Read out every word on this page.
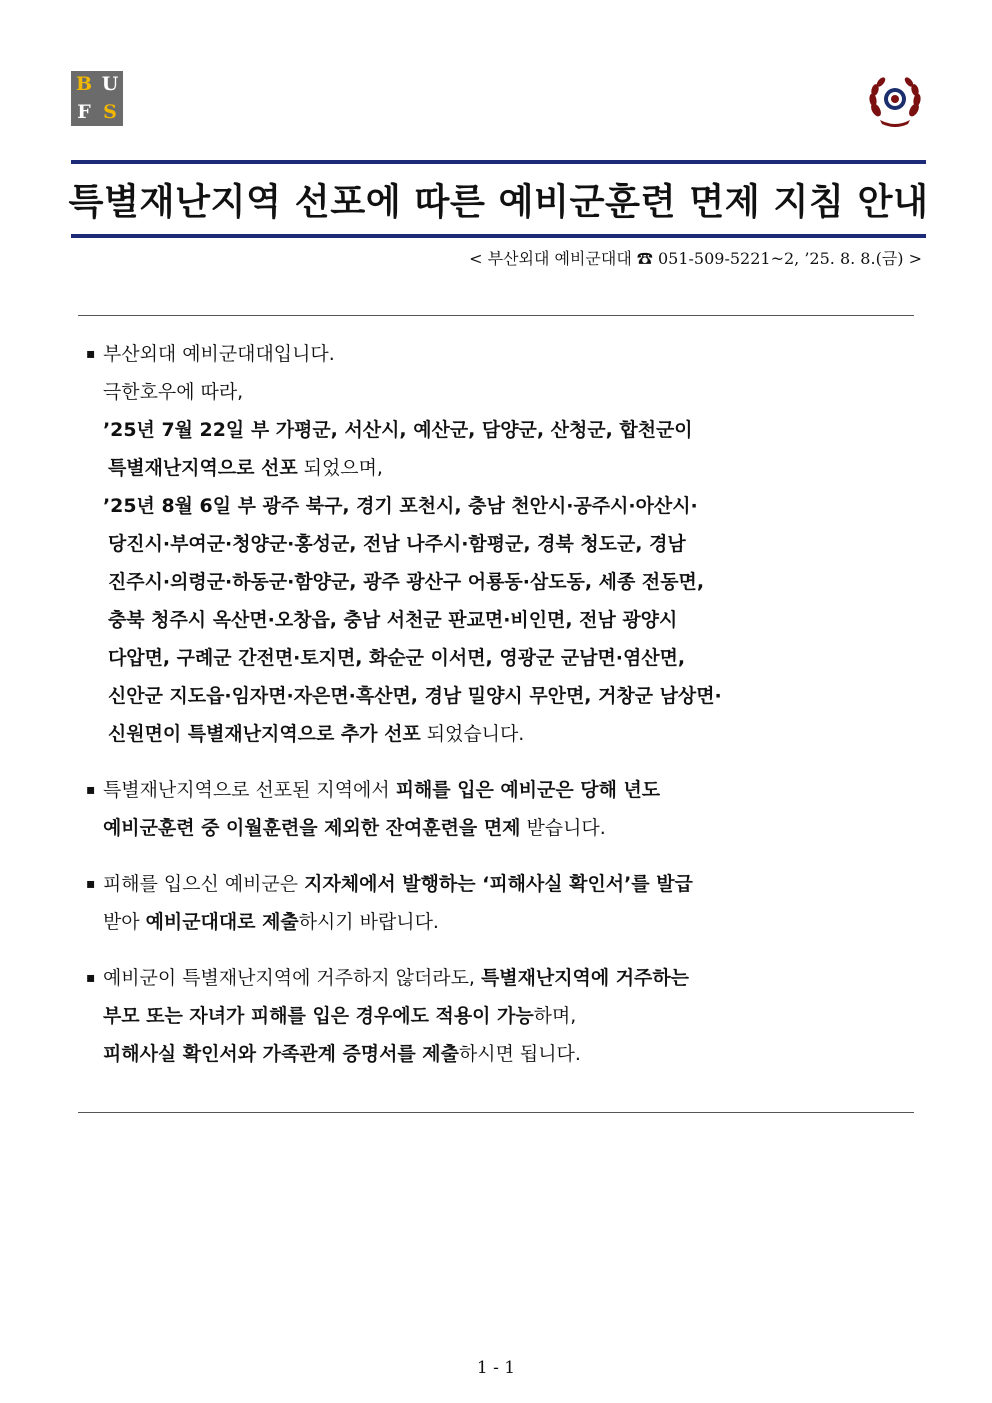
B U
F S
특별재난지역 선포에 따른 예비군훈련 면제 지침 안내
< 부산외대 예비군대대 ☎ 051-509-5221~2, ’25. 8. 8.(금) >
▪ 부산외대 예비군대대입니다.
극한호우에 따라,
’25년 7월 22일 부 가평군, 서산시, 예산군, 담양군, 산청군, 합천군이
특별재난지역으로 선포 되었으며,
’25년 8월 6일 부 광주 북구, 경기 포천시, 충남 천안시·공주시·아산시·
당진시·부여군·청양군·홍성군, 전남 나주시·함평군, 경북 청도군, 경남
진주시·의령군·하동군·함양군, 광주 광산구 어룡동·삼도동, 세종 전동면,
충북 청주시 옥산면·오창읍, 충남 서천군 판교면·비인면, 전남 광양시
다압면, 구례군 간전면·토지면, 화순군 이서면, 영광군 군남면·염산면,
신안군 지도읍·임자면·자은면·흑산면, 경남 밀양시 무안면, 거창군 남상면·
신원면이 특별재난지역으로 추가 선포 되었습니다.
▪ 특별재난지역으로 선포된 지역에서 피해를 입은 예비군은 당해 년도
예비군훈련 중 이월훈련을 제외한 잔여훈련을 면제 받습니다.
▪ 피해를 입으신 예비군은 지자체에서 발행하는 ‘피해사실 확인서’를 발급
받아 예비군대대로 제출하시기 바랍니다.
▪ 예비군이 특별재난지역에 거주하지 않더라도, 특별재난지역에 거주하는
부모 또는 자녀가 피해를 입은 경우에도 적용이 가능하며,
피해사실 확인서와 가족관계 증명서를 제출하시면 됩니다.
1 - 1
